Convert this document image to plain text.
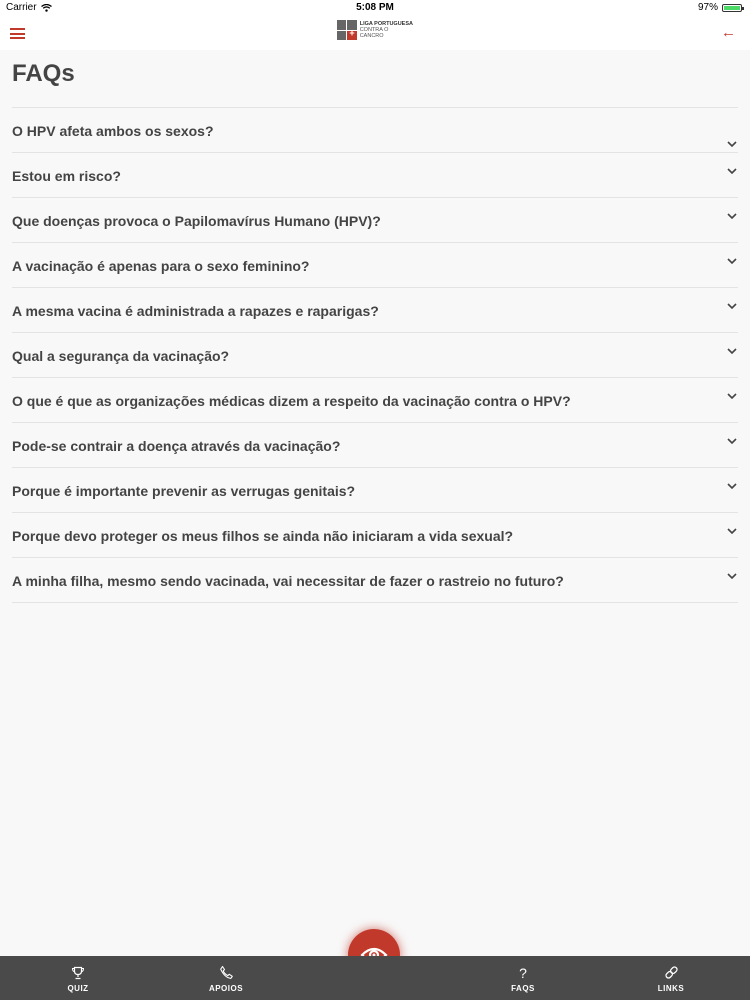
Carrier	5:08 PM	97%
+
LIGA PORTUGUESA
CONTRA O CANCRO	←
FAQs
O HPV afeta ambos os sexos?
Estou em risco?
Que doenças provoca o Papilomavírus Humano (HPV)?
A vacinação é apenas para o sexo feminino?
A mesma vacina é administrada a rapazes e raparigas?
Qual a segurança da vacinação?
O que é que as organizações médicas dizem a respeito da vacinação contra o HPV?
Pode-se contrair a doença através da vacinação?
Porque é importante prevenir as verrugas genitais?
Porque devo proteger os meus filhos se ainda não iniciaram a vida sexual?
A minha filha, mesmo sendo vacinada, vai necessitar de fazer o rastreio no futuro?
QUIZ	APOIOS
?
FAQS	LINKS
